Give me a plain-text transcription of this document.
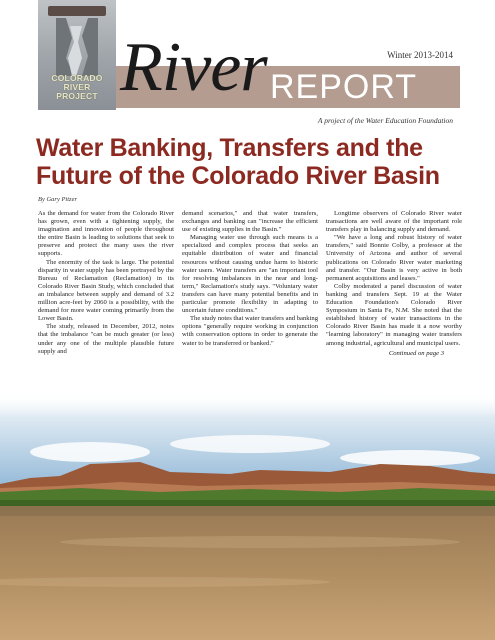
COLORADO
RIVER
PROJECT River REPORT
Winter 2013-2014
A project of the Water Education Foundation
Water Banking, Transfers and the Future of the Colorado River Basin
By Gary Pitzer

As the demand for water from the Colorado River has grown, even with a tightening supply, the imagination and innovation of people throughout the entire Basin is leading to solutions that seek to preserve and protect the many uses the river supports.

The enormity of the task is large. The potential disparity in water supply has been portrayed by the Bureau of Reclamation (Reclamation) in its Colorado River Basin Study, which concluded that an imbalance between supply and demand of 3.2 million acre-feet by 2060 is a possibility, with the demand for more water coming primarily from the Lower Basin.

The study, released in December, 2012, notes that the imbalance "can be much greater (or less) under any one of the multiple plausible future supply and

demand scenarios," and that water transfers, exchanges and banking can "increase the efficient use of existing supplies in the Basin."

Managing water use through such means is a specialized and complex process that seeks an equitable distribution of water and financial resources without causing undue harm to historic water users. Water transfers are "an important tool for resolving imbalances in the near and long-term," Reclamation's study says. "Voluntary water transfers can have many potential benefits and in particular promote flexibility in adapting to uncertain future conditions."

The study notes that water transfers and banking options "generally require working in conjunction with conservation options in order to generate the water to be transferred or banked."

Longtime observers of Colorado River water transactions are well aware of the important role transfers play in balancing supply and demand.

"We have a long and robust history of water transfers," said Bonnie Colby, a professor at the University of Arizona and author of several publications on Colorado River water marketing and transfer. "Our Basin is very active in both permanent acquisitions and leases."

Colby moderated a panel discussion of water banking and transfers Sept. 19 at the Water Education Foundation's Colorado River Symposium in Santa Fe, N.M. She noted that the established history of water transactions in the Colorado River Basin has made it a now worthy "learning laboratory" in managing water transfers among industrial, agricultural and municipal users.

Continued on page 3
